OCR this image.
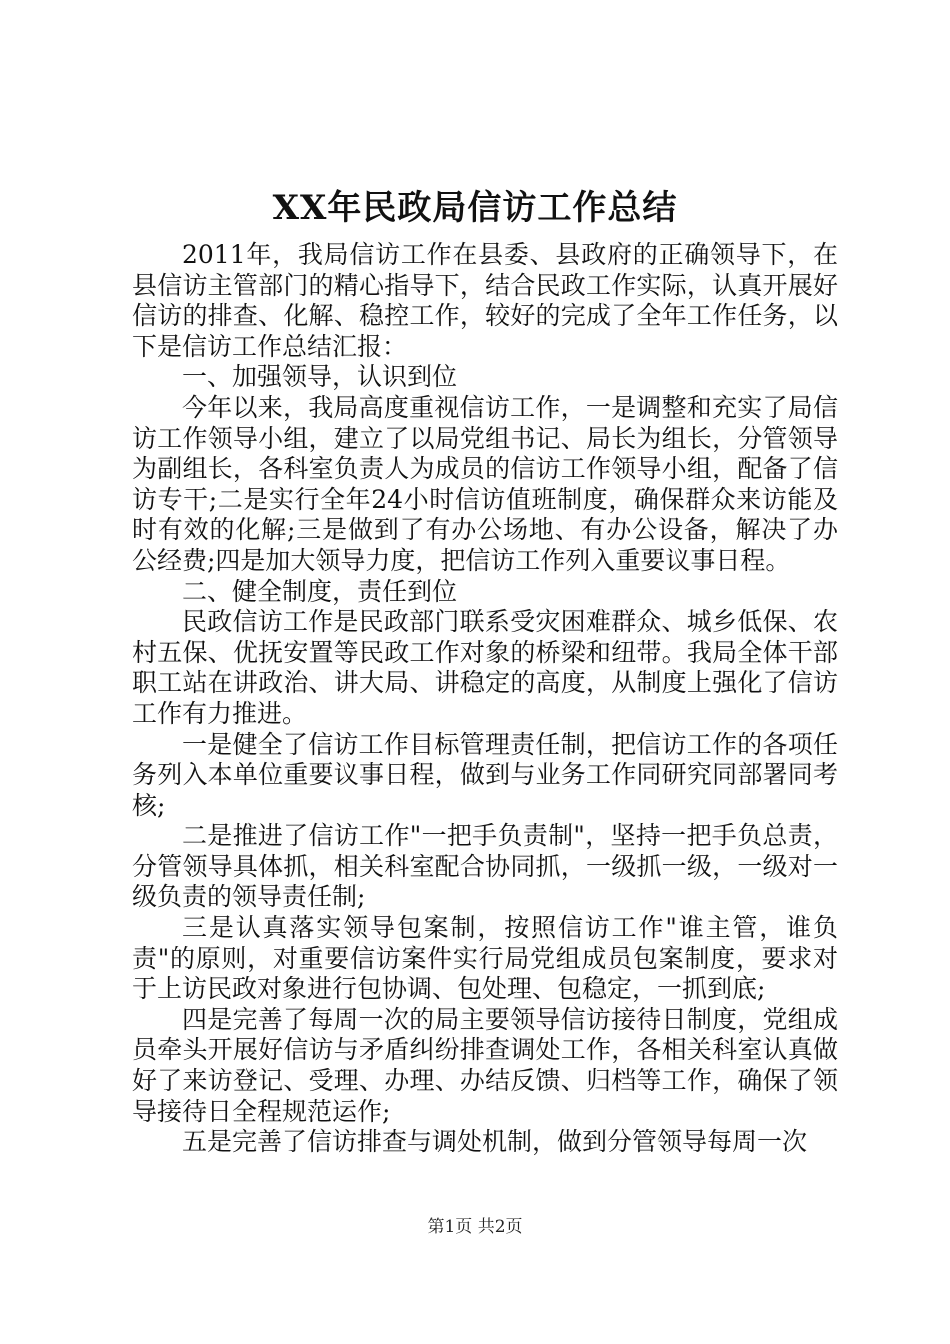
XX年民政局信访工作总结

2011年，我局信访工作在县委、县政府的正确领导下，在县信访主管部门的精心指导下，结合民政工作实际，认真开展好信访的排查、化解、稳控工作，较好的完成了全年工作任务，以下是信访工作总结汇报：

一、加强领导，认识到位

今年以来，我局高度重视信访工作，一是调整和充实了局信访工作领导小组，建立了以局党组书记、局长为组长，分管领导为副组长，各科室负责人为成员的信访工作领导小组，配备了信访专干;二是实行全年24小时信访值班制度，确保群众来访能及时有效的化解;三是做到了有办公场地、有办公设备，解决了办公经费;四是加大领导力度，把信访工作列入重要议事日程。

二、健全制度，责任到位

民政信访工作是民政部门联系受灾困难群众、城乡低保、农村五保、优抚安置等民政工作对象的桥梁和纽带。我局全体干部职工站在讲政治、讲大局、讲稳定的高度，从制度上强化了信访工作有力推进。

一是健全了信访工作目标管理责任制，把信访工作的各项任务列入本单位重要议事日程，做到与业务工作同研究同部署同考核;

二是推进了信访工作"一把手负责制"，坚持一把手负总责，分管领导具体抓，相关科室配合协同抓，一级抓一级，一级对一级负责的领导责任制;

三是认真落实领导包案制，按照信访工作"谁主管，谁负责"的原则，对重要信访案件实行局党组成员包案制度，要求对于上访民政对象进行包协调、包处理、包稳定，一抓到底;

四是完善了每周一次的局主要领导信访接待日制度，党组成员牵头开展好信访与矛盾纠纷排查调处工作，各相关科室认真做好了来访登记、受理、办理、办结反馈、归档等工作，确保了领导接待日全程规范运作;

五是完善了信访排查与调处机制，做到分管领导每周一次

第1页 共2页
